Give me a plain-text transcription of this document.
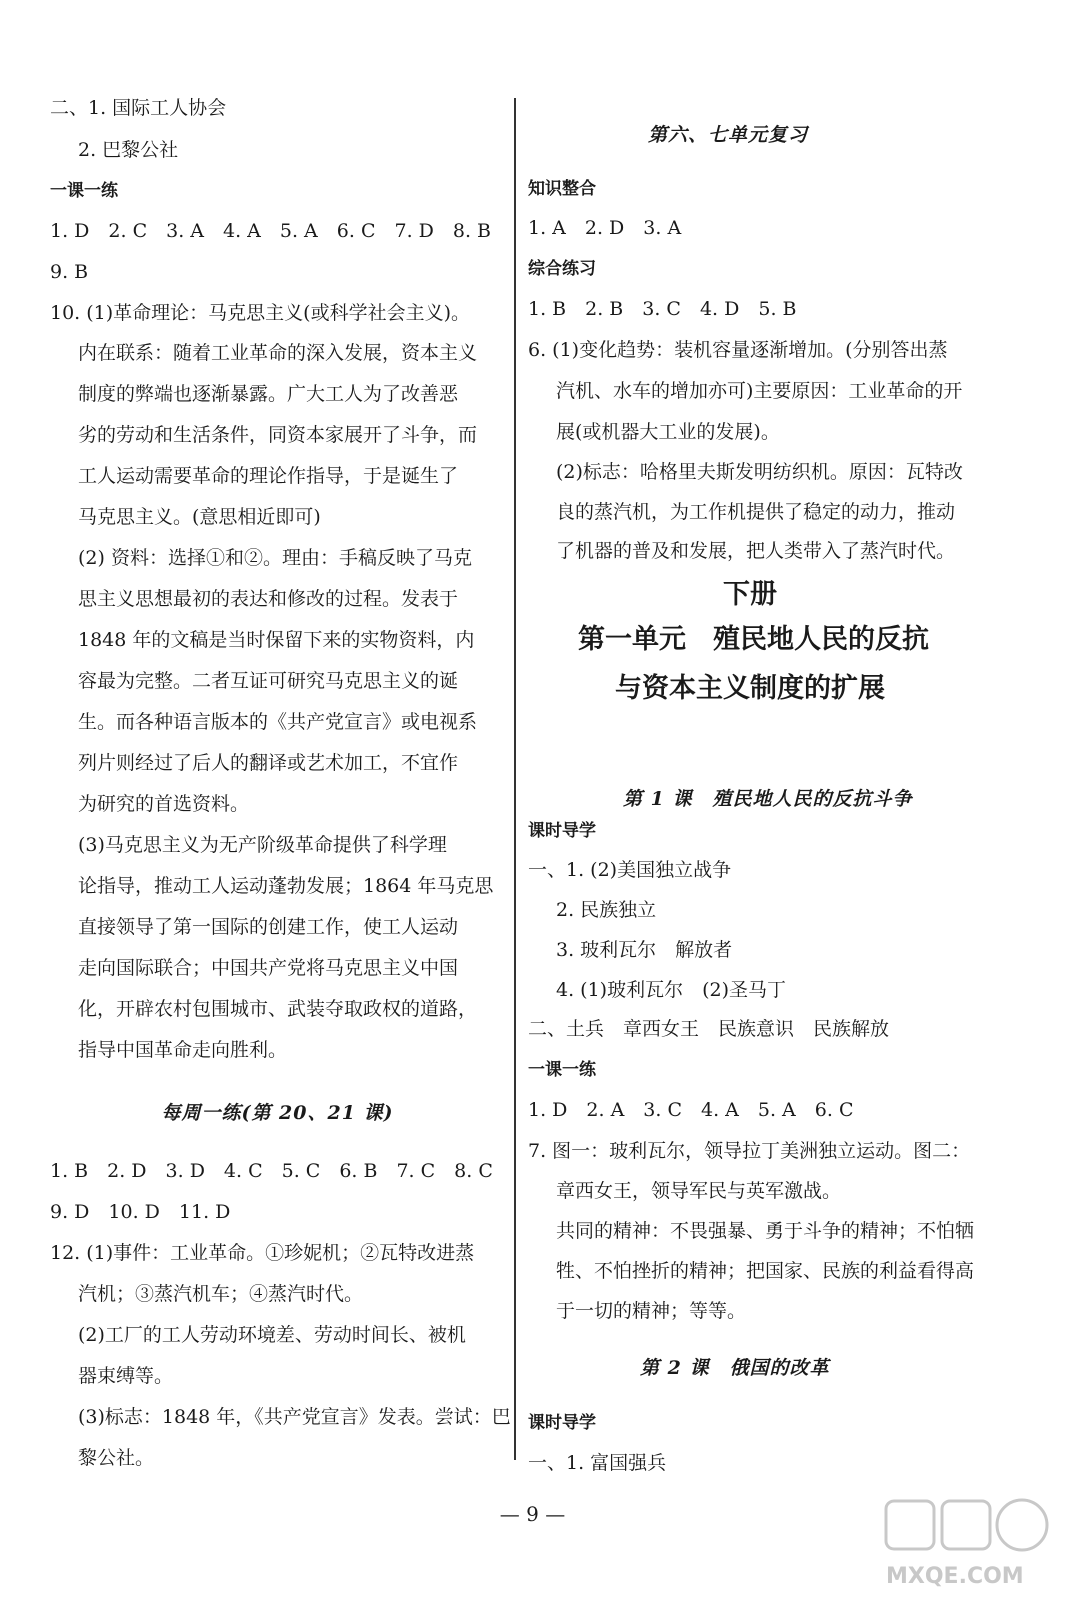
二、1. 国际工人协会
2. 巴黎公社
一课一练
1. D　2. C　3. A　4. A　5. A　6. C　7. D　8. B
9. B
10. (1)革命理论：马克思主义(或科学社会主义)。
内在联系：随着工业革命的深入发展，资本主义
制度的弊端也逐渐暴露。广大工人为了改善恶
劣的劳动和生活条件，同资本家展开了斗争，而
工人运动需要革命的理论作指导，于是诞生了
马克思主义。(意思相近即可)
(2) 资料：选择①和②。理由：手稿反映了马克
思主义思想最初的表达和修改的过程。发表于
1848 年的文稿是当时保留下来的实物资料，内
容最为完整。二者互证可研究马克思主义的诞
生。而各种语言版本的《共产党宣言》或电视系
列片则经过了后人的翻译或艺术加工，不宜作
为研究的首选资料。
(3)马克思主义为无产阶级革命提供了科学理
论指导，推动工人运动蓬勃发展；1864 年马克思
直接领导了第一国际的创建工作，使工人运动
走向国际联合；中国共产党将马克思主义中国
化，开辟农村包围城市、武装夺取政权的道路，
指导中国革命走向胜利。
每周一练(第 20、21 课)
1. B　2. D　3. D　4. C　5. C　6. B　7. C　8. C
9. D　10. D　11. D
12. (1)事件：工业革命。①珍妮机；②瓦特改进蒸
汽机；③蒸汽机车；④蒸汽时代。
(2)工厂的工人劳动环境差、劳动时间长、被机
器束缚等。
(3)标志：1848 年，《共产党宣言》发表。尝试：巴
黎公社。
第六、七单元复习
知识整合
1. A　2. D　3. A
综合练习
1. B　2. B　3. C　4. D　5. B
6. (1)变化趋势：装机容量逐渐增加。(分别答出蒸
汽机、水车的增加亦可)主要原因：工业革命的开
展(或机器大工业的发展)。
(2)标志：哈格里夫斯发明纺织机。原因：瓦特改
良的蒸汽机，为工作机提供了稳定的动力，推动
了机器的普及和发展，把人类带入了蒸汽时代。
下册
第一单元　殖民地人民的反抗
与资本主义制度的扩展
第 1 课　殖民地人民的反抗斗争
课时导学
一、1. (2)美国独立战争
2. 民族独立
3. 玻利瓦尔　解放者
4. (1)玻利瓦尔　(2)圣马丁
二、土兵　章西女王　民族意识　民族解放
一课一练
1. D　2. A　3. C　4. A　5. A　6. C
7. 图一：玻利瓦尔，领导拉丁美洲独立运动。图二：
章西女王，领导军民与英军激战。
共同的精神：不畏强暴、勇于斗争的精神；不怕牺
牲、不怕挫折的精神；把国家、民族的利益看得高
于一切的精神；等等。
第 2 课　俄国的改革
课时导学
一、1. 富国强兵
— 9 —
MXQE.COM
